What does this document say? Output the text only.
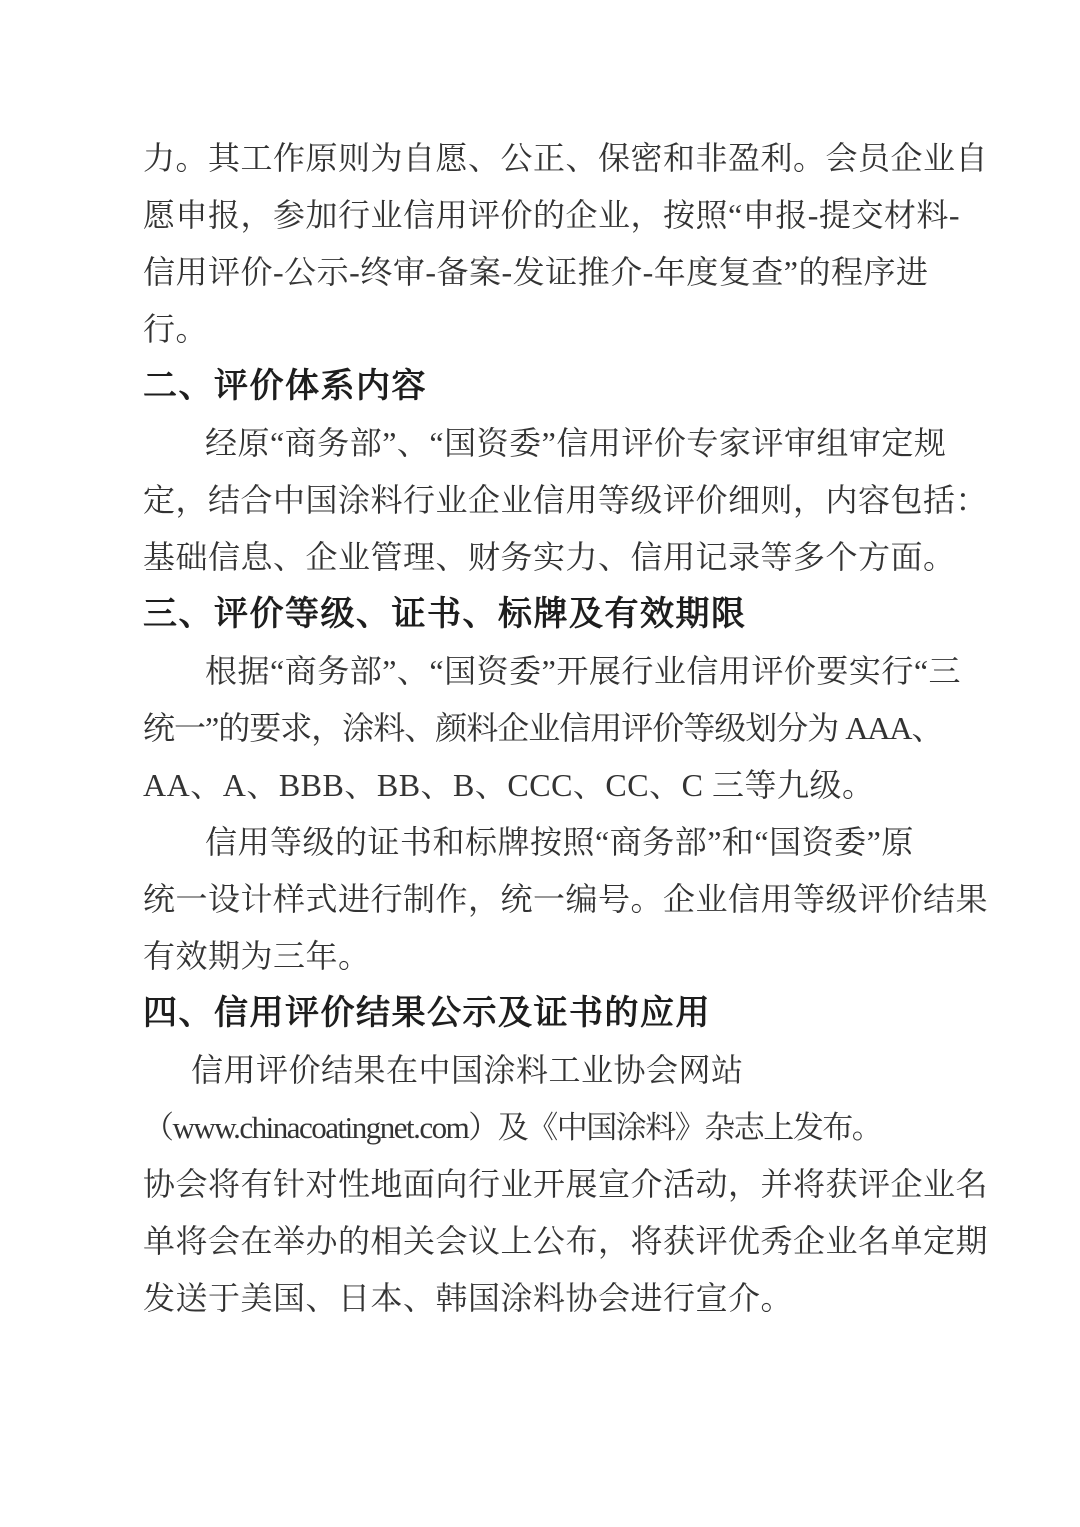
力。其工作原则为自愿、公正、保密和非盈利。会员企业自
愿申报，参加行业信用评价的企业，按照“申报-提交材料-
信用评价-公示-终审-备案-发证推介-年度复查”的程序进
行。
二、评价体系内容
经原“商务部”、“国资委”信用评价专家评审组审定规
定，结合中国涂料行业企业信用等级评价细则，内容包括：
基础信息、企业管理、财务实力、信用记录等多个方面。
三、评价等级、证书、标牌及有效期限
根据“商务部”、“国资委”开展行业信用评价要实行“三
统一”的要求，涂料、颜料企业信用评价等级划分为 AAA、
AA、A、BBB、BB、B、CCC、CC、C 三等九级。
信用等级的证书和标牌按照“商务部”和“国资委”原
统一设计样式进行制作，统一编号。企业信用等级评价结果
有效期为三年。
四、信用评价结果公示及证书的应用
信用评价结果在中国涂料工业协会网站
（www.chinacoatingnet.com）及《中国涂料》杂志上发布。
协会将有针对性地面向行业开展宣介活动，并将获评企业名
单将会在举办的相关会议上公布，将获评优秀企业名单定期
发送于美国、日本、韩国涂料协会进行宣介。
